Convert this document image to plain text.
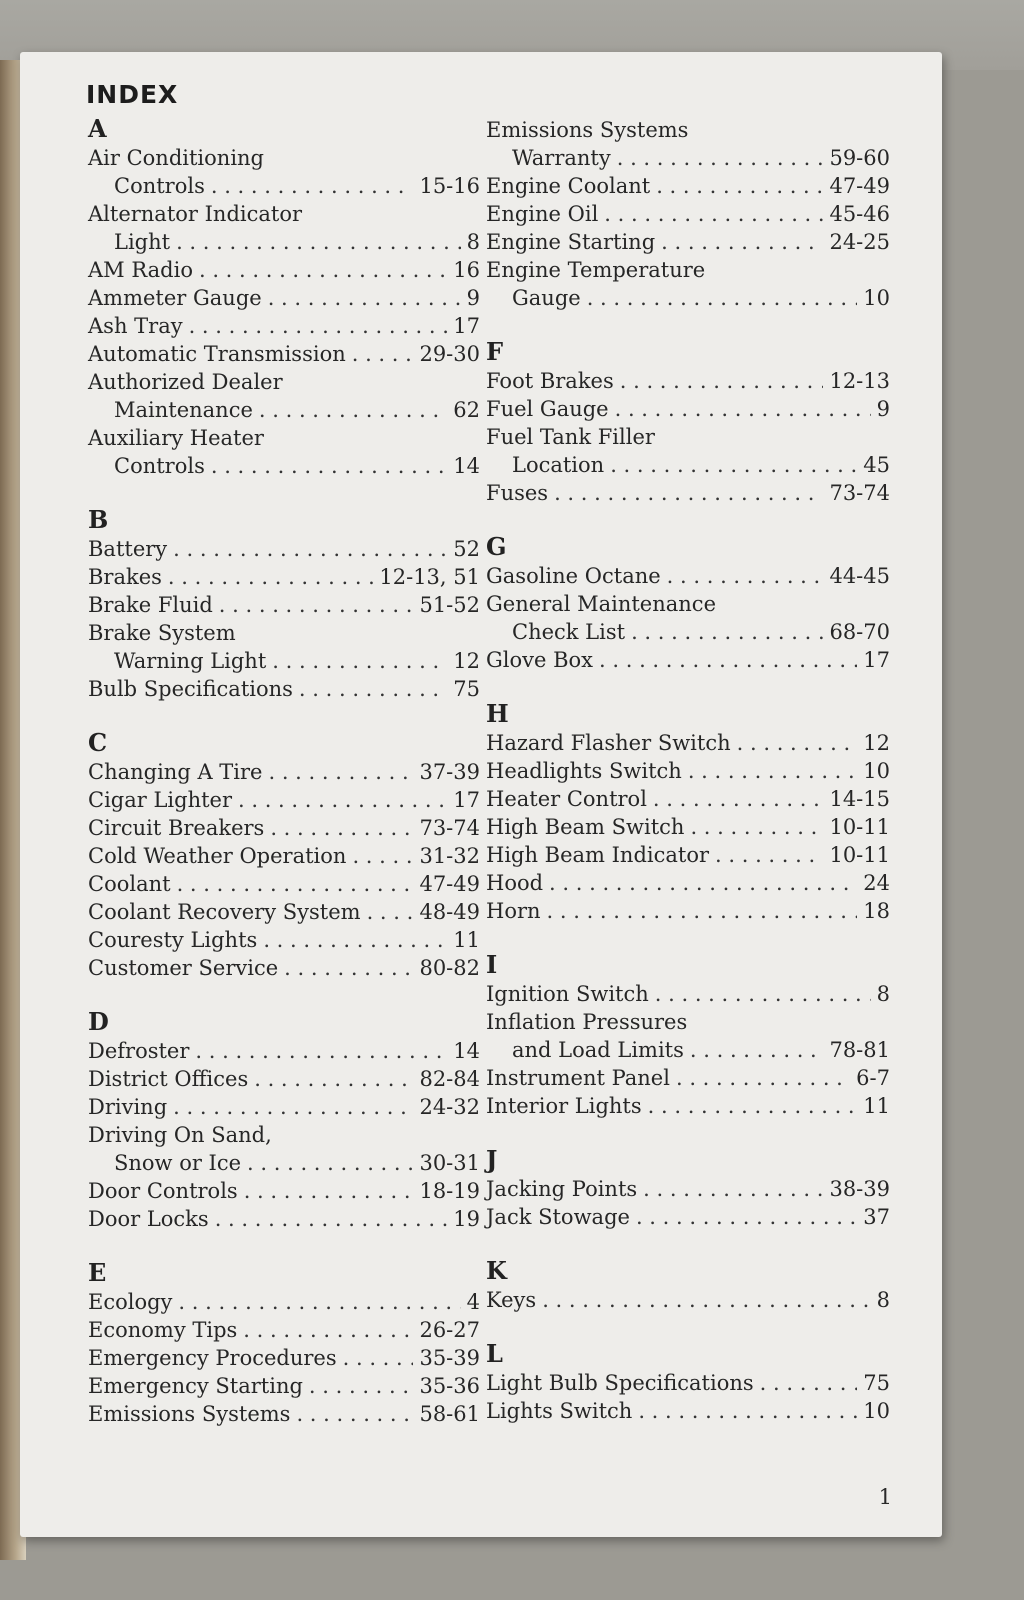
INDEX
A
Air Conditioning
Controls . . .	15-16
Alternator Indicator
Light . . .	8
AM Radio . . .	16
Ammeter Gauge . . .	9
Ash Tray . . .	17
Automatic Transmission . . .	29-30
Authorized Dealer
Maintenance . . .	62
Auxiliary Heater
Controls . . .	14
B
Battery . . .	52
Brakes . . .	12-13, 51
Brake Fluid . . .	51-52
Brake System
Warning Light . . .	12
Bulb Specifications . . .	75
C
Changing A Tire . . .	37-39
Cigar Lighter . . .	17
Circuit Breakers . . .	73-74
Cold Weather Operation . . .	31-32
Coolant . . .	47-49
Coolant Recovery System . . .	48-49
Couresty Lights . . .	11
Customer Service . . .	80-82
D
Defroster . . .	14
District Offices . . .	82-84
Driving . . .	24-32
Driving On Sand,
Snow or Ice . . .	30-31
Door Controls . . .	18-19
Door Locks . . .	19
E
Ecology . . .	4
Economy Tips . . .	26-27
Emergency Procedures . . .	35-39
Emergency Starting . . .	35-36
Emissions Systems . . .	58-61
Emissions Systems
Warranty . . .	59-60
Engine Coolant . . .	47-49
Engine Oil . . .	45-46
Engine Starting . . .	24-25
Engine Temperature
Gauge . . .	10
F
Foot Brakes . . .	12-13
Fuel Gauge . . .	9
Fuel Tank Filler
Location . . .	45
Fuses . . .	73-74
G
Gasoline Octane . . .	44-45
General Maintenance
Check List . . .	68-70
Glove Box . . .	17
H
Hazard Flasher Switch . . .	12
Headlights Switch . . .	10
Heater Control . . .	14-15
High Beam Switch . . .	10-11
High Beam Indicator . . .	10-11
Hood . . .	24
Horn . . .	18
I
Ignition Switch . . .	8
Inflation Pressures
and Load Limits . . .	78-81
Instrument Panel . . .	6-7
Interior Lights . . .	11
J
Jacking Points . . .	38-39
Jack Stowage . . .	37
K
Keys . . .	8
L
Light Bulb Specifications . . .	75
Lights Switch . . .	10
1
